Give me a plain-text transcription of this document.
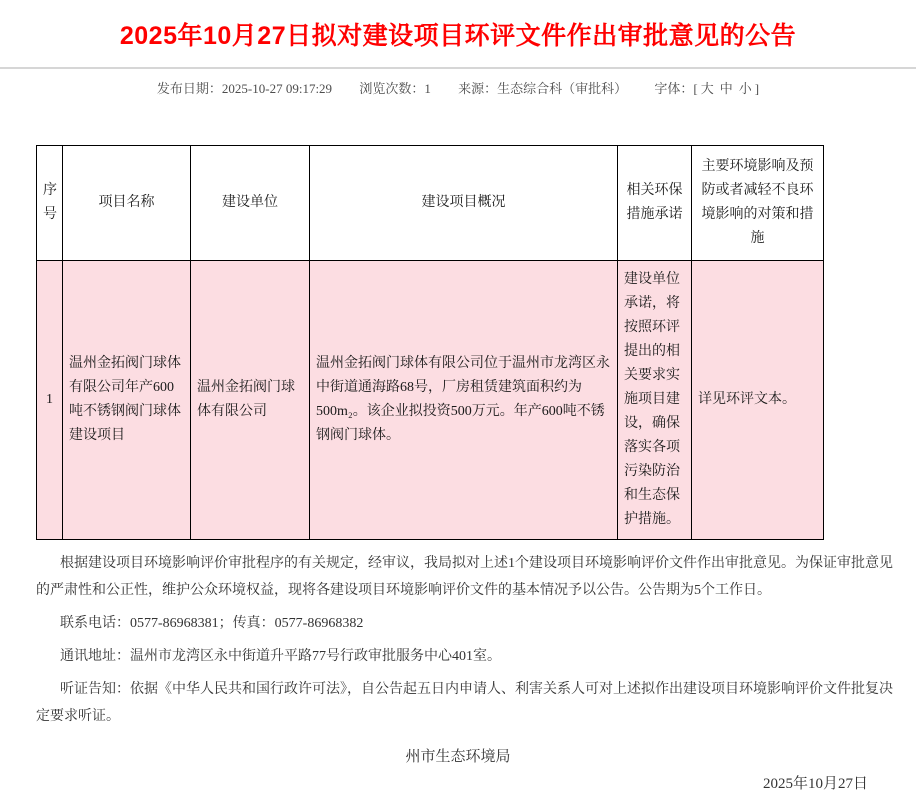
2025年10月27日拟对建设项目环评文件作出审批意见的公告
发布日期：2025-10-27 09:17:29 浏览次数：1 来源：生态综合科（审批科） 字体：[ 大 中 小 ]
序号	项目名称	建设单位	建设项目概况	相关环保措施承诺	主要环境影响及预防或者减轻不良环境影响的对策和措施
1	温州金拓阀门球体有限公司年产600吨不锈钢阀门球体建设项目	温州金拓阀门球体有限公司	温州金拓阀门球体有限公司位于温州市龙湾区永中街道通海路68号，厂房租赁建筑面积约为500m₂。该企业拟投资500万元。年产600吨不锈钢阀门球体。	建设单位承诺，将按照环评提出的相关要求实施项目建设，确保落实各项污染防治和生态保护措施。	详见环评文本。

根据建设项目环境影响评价审批程序的有关规定，经审议，我局拟对上述1个建设项目环境影响评价文件作出审批意见。为保证审批意见的严肃性和公正性，维护公众环境权益，现将各建设项目环境影响评价文件的基本情况予以公告。公告期为5个工作日。

联系电话：0577-86968381；传真：0577-86968382

通讯地址：温州市龙湾区永中街道升平路77号行政审批服务中心401室。

听证告知：依据《中华人民共和国行政许可法》，自公告起五日内申请人、利害关系人可对上述拟作出建设项目环境影响评价文件批复决定要求听证。

州市生态环境局
2025年10月27日
